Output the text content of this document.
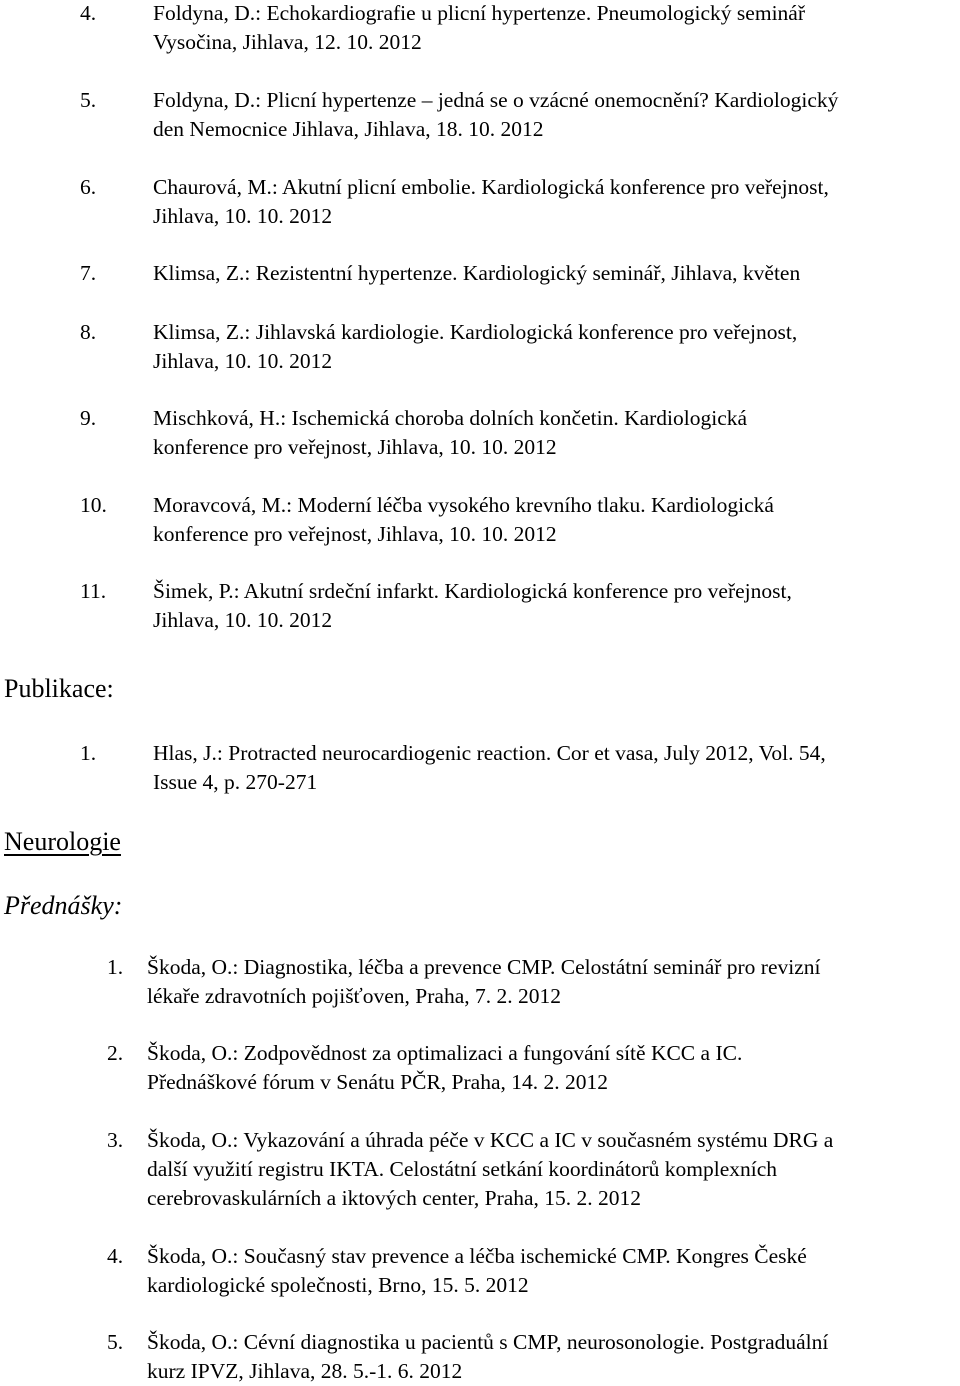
4.	Foldyna, D.: Echokardiografie u plicní hypertenze. Pneumologický seminář
Vysočina, Jihlava, 12. 10. 2012
5.	Foldyna, D.: Plicní hypertenze – jedná se o vzácné onemocnění? Kardiologický
den Nemocnice Jihlava, Jihlava, 18. 10. 2012
6.	Chaurová, M.: Akutní plicní embolie. Kardiologická konference pro veřejnost,
Jihlava, 10. 10. 2012
7.	Klimsa, Z.: Rezistentní hypertenze. Kardiologický seminář, Jihlava, květen
8.	Klimsa, Z.: Jihlavská kardiologie. Kardiologická konference pro veřejnost,
Jihlava, 10. 10. 2012
9.	Mischková, H.: Ischemická choroba dolních končetin. Kardiologická
konference pro veřejnost, Jihlava, 10. 10. 2012
10. Moravcová, M.: Moderní léčba vysokého krevního tlaku. Kardiologická
konference pro veřejnost, Jihlava, 10. 10. 2012
11. Šimek, P.: Akutní srdeční infarkt. Kardiologická konference pro veřejnost,
Jihlava, 10. 10. 2012
Publikace:
1.	Hlas, J.: Protracted neurocardiogenic reaction. Cor et vasa, July 2012, Vol. 54,
Issue 4, p. 270-271
Neurologie
Přednášky:
1. Škoda, O.: Diagnostika, léčba a prevence CMP. Celostátní seminář pro revizní
lékaře zdravotních pojišťoven, Praha, 7. 2. 2012
2. Škoda, O.: Zodpovědnost za optimalizaci a fungování sítě KCC a IC.
Přednáškové fórum v Senátu PČR, Praha, 14. 2. 2012
3. Škoda, O.: Vykazování a úhrada péče v KCC a IC v současném systému DRG a
další využití registru IKTA. Celostátní setkání koordinátorů komplexních
cerebrovaskulárních a iktových center, Praha, 15. 2. 2012
4. Škoda, O.: Současný stav prevence a léčba ischemické CMP. Kongres České
kardiologické společnosti, Brno, 15. 5. 2012
5. Škoda, O.: Cévní diagnostika u pacientů s CMP, neurosonologie. Postgraduální
kurz IPVZ, Jihlava, 28. 5.-1. 6. 2012
